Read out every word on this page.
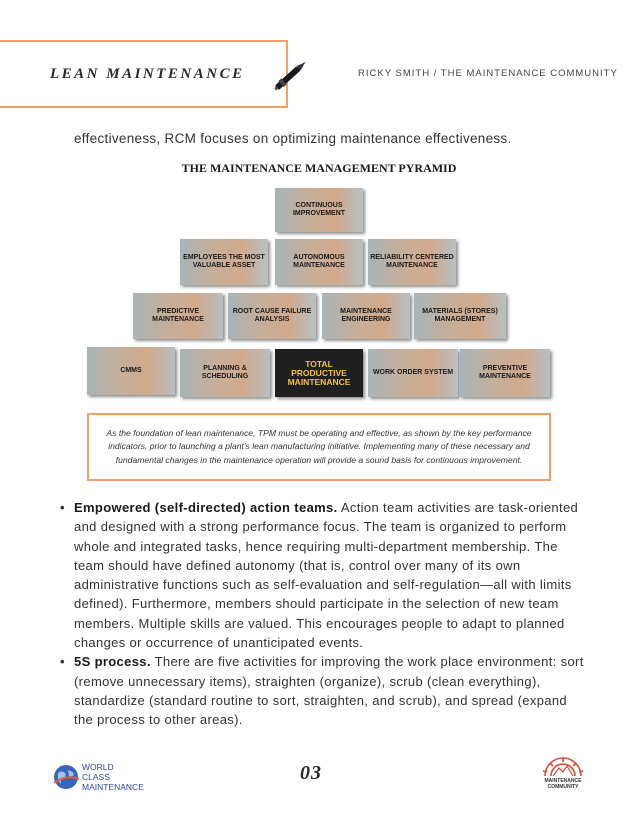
LEAN MAINTENANCE	RICKY SMITH / THE MAINTENANCE COMMUNITY
effectiveness, RCM focuses on optimizing maintenance effectiveness.
THE MAINTENANCE MANAGEMENT PYRAMID
CONTINUOUS IMPROVEMENT
EMPLOYEES THE MOST VALUABLE ASSET
AUTONOMOUS MAINTENANCE
RELIABILITY CENTERED MAINTENANCE
PREDICTIVE MAINTENANCE
ROOT CAUSE FAILURE ANALYSIS
MAINTENANCE ENGINEERING
MATERIALS (STORES) MANAGEMENT
CMMS	PLANNING & SCHEDULING
TOTAL PRODUCTIVE MAINTENANCE
WORK ORDER SYSTEM
PREVENTIVE MAINTENANCE
As the foundation of lean maintenance, TPM must be operating and effective, as shown by the key performance indicators, prior to launching a plant's lean manufacturing initiative. Implementing many of these necessary and fundamental changes in the maintenance operation will provide a sound basis for continuous improvement.
• Empowered (self-directed) action teams. Action team activities are task-oriented and designed with a strong performance focus. The team is organized to perform whole and integrated tasks, hence requiring multi-department membership. The team should have defined autonomy (that is, control over many of its own administrative functions such as self-evaluation and self-regulation—all with limits defined). Furthermore, members should participate in the selection of new team members. Multiple skills are valued. This encourages people to adapt to planned changes or occurrence of unanticipated events.
• 5S process. There are five activities for improving the work place environment: sort (remove unnecessary items), straighten (organize), scrub (clean everything), standardize (standard routine to sort, straighten, and scrub), and spread (expand the process to other areas).
WORLD
CLASS
MAINTENANCE
03	MAINTENANCE
COMMUNITY
